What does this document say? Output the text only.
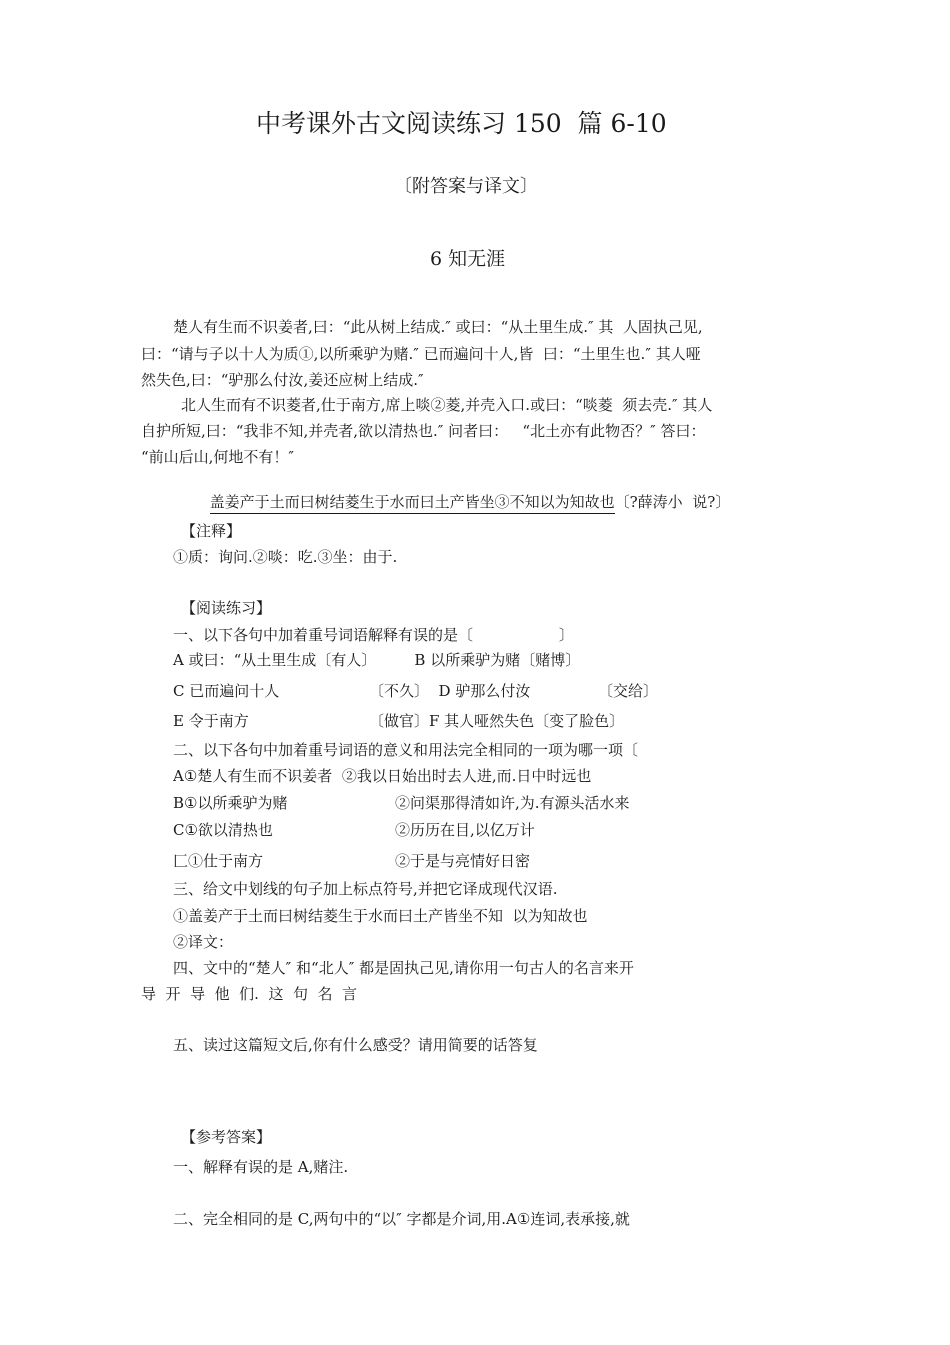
中考课外古文阅读练习 150  篇 6-10
〔附答案与译文〕
6 知无涯
楚人有生而不识姜者,曰：“此从树上结成.″ 或曰：“从土里生成.″ 其  人固执己见,
曰：“请与子以十人为质①,以所乘驴为赌.″ 已而遍问十人,皆  曰：“土里生也.″ 其人哑
然失色,曰：“驴那么付汝,姜还应树上结成.″
北人生而有不识菱者,仕于南方,席上啖②菱,并壳入口.或曰：“啖菱  须去壳.″ 其人
自护所短,曰：“我非不知,并壳者,欲以清热也.″ 问者曰：   “北土亦有此物否？″ 答曰：
“前山后山,何地不有！″

盖姜产于土而曰树结菱生于水而曰土产皆坐③不知以为知故也〔?薛涛小  说?〕

【注释】
①质：询问.②啖：吃.③坐：由于.
【阅读练习】
一、以下各句中加着重号词语解释有误的是〔                  〕
A 或曰：“从土里生成〔有人〕        B 以所乘驴为赌〔赌博〕
C 已而遍问十人	〔不久〕  D 驴那么付汝	〔交给〕
E 令于南方	〔做官〕F 其人哑然失色〔变了脸色〕
二、以下各句中加着重号词语的意义和用法完全相同的一项为哪一项〔
A①楚人有生而不识姜者  ②我以日始出时去人进,而.日中时远也
B①以所乘驴为赌	②问渠那得清如许,为.有源头活水来
C①欲以清热也	②历历在目,以亿万计
匚①仕于南方	②于是与亮情好日密
三、给文中划线的句子加上标点符号,并把它译成现代汉语.
①盖姜产于土而曰树结菱生于水而曰土产皆坐不知  以为知故也
②译文：
四、文中的“楚人″ 和“北人″ 都是固执己见,请你用一句古人的名言来开
导  开  导  他  们.  这  句  名  言
五、读过这篇短文后,你有什么感受？请用简要的话答复
【参考答案】
一、解释有误的是 A,赌注.
二、完全相同的是 C,两句中的“以″ 字都是介词,用.A①连词,表承接,就
